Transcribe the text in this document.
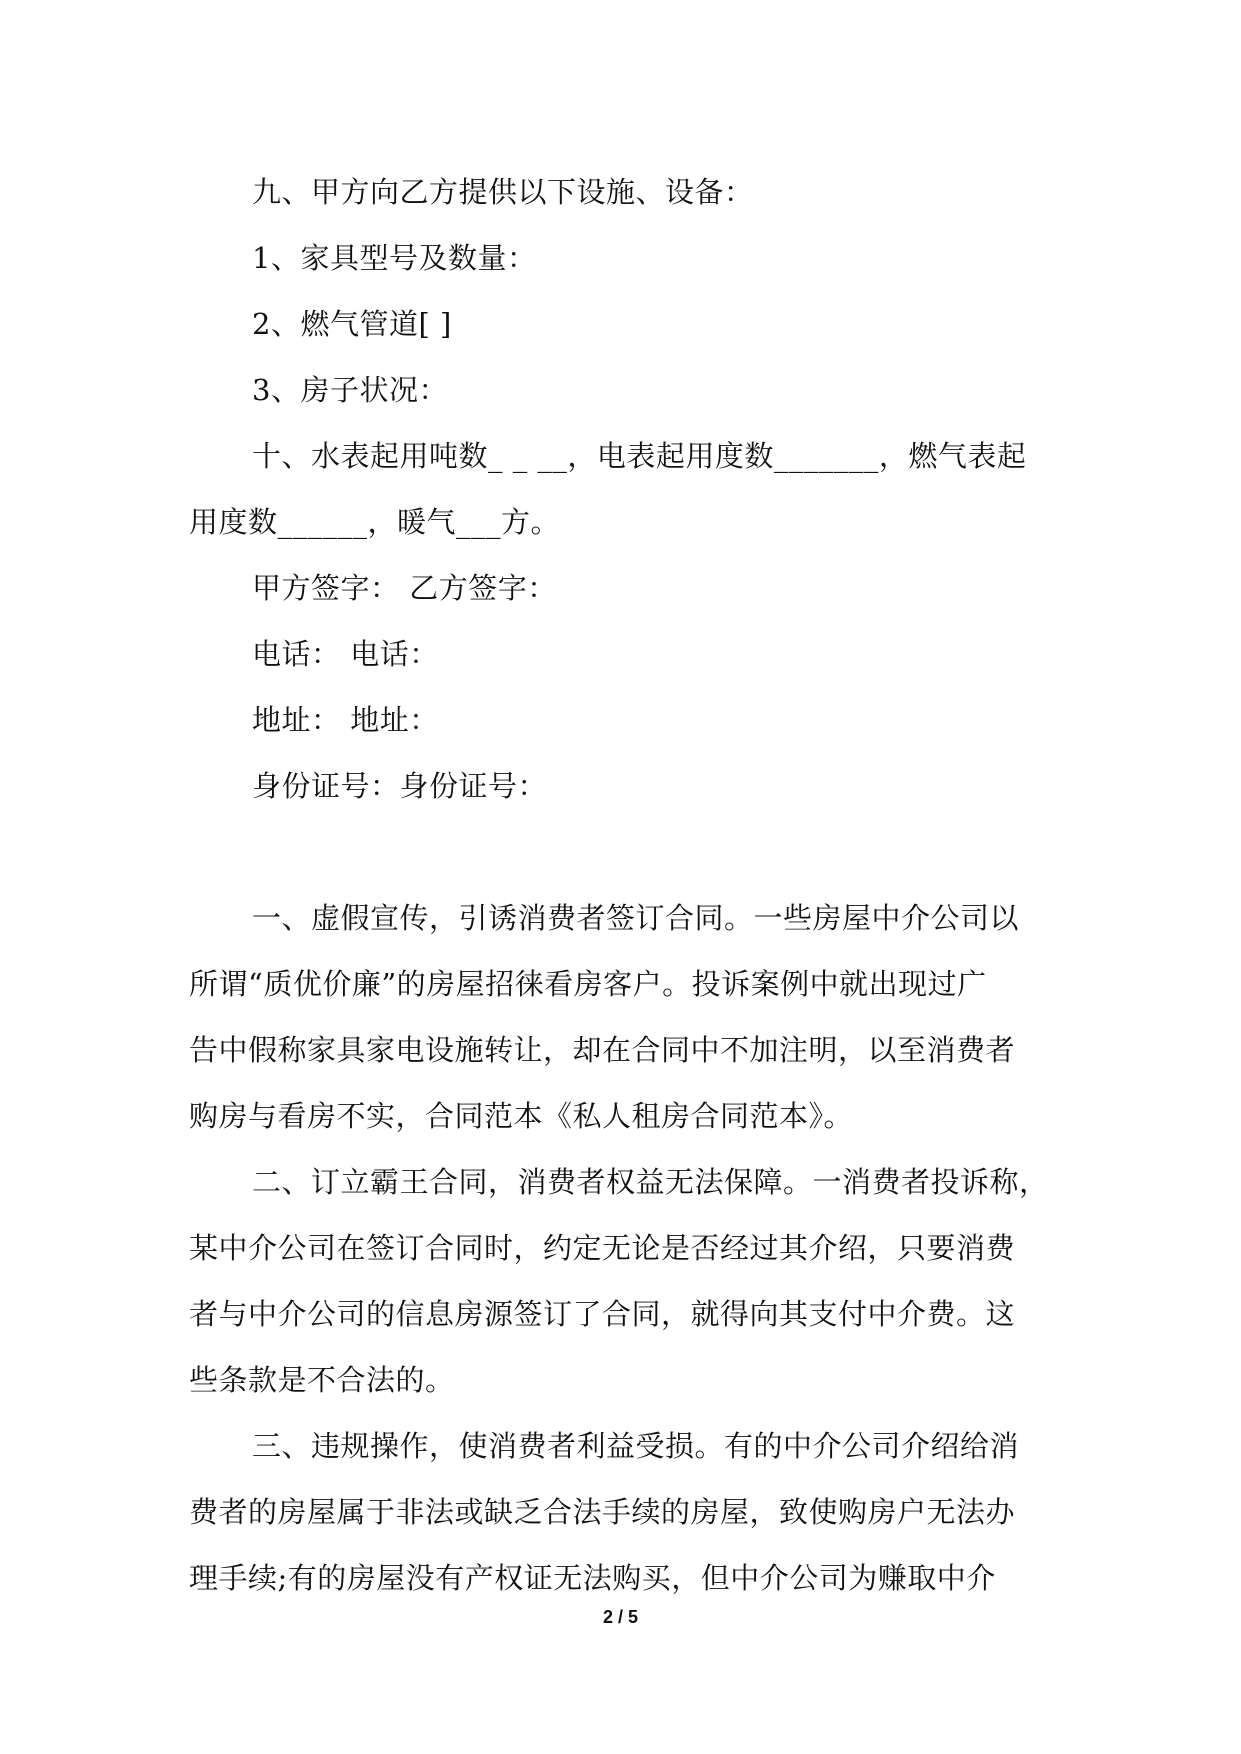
九、甲方向乙方提供以下设施、设备：
1、家具型号及数量：
2、燃气管道[ ]
3、房子状况：

十、水表起用吨数_ _ __，电表起用度数_______，燃气表起
用度数______，暖气___方。

甲方签字： 乙方签字：
电话： 电话：
地址： 地址：
身份证号：身份证号：

一、虚假宣传，引诱消费者签订合同。一些房屋中介公司以
所谓“质优价廉”的房屋招徕看房客户。投诉案例中就出现过广
告中假称家具家电设施转让，却在合同中不加注明，以至消费者
购房与看房不实，合同范本《私人租房合同范本》。

二、订立霸王合同，消费者权益无法保障。一消费者投诉称，
某中介公司在签订合同时，约定无论是否经过其介绍，只要消费
者与中介公司的信息房源签订了合同，就得向其支付中介费。这
些条款是不合法的。

三、违规操作，使消费者利益受损。有的中介公司介绍给消
费者的房屋属于非法或缺乏合法手续的房屋，致使购房户无法办
理手续;有的房屋没有产权证无法购买，但中介公司为赚取中介

2 / 5
